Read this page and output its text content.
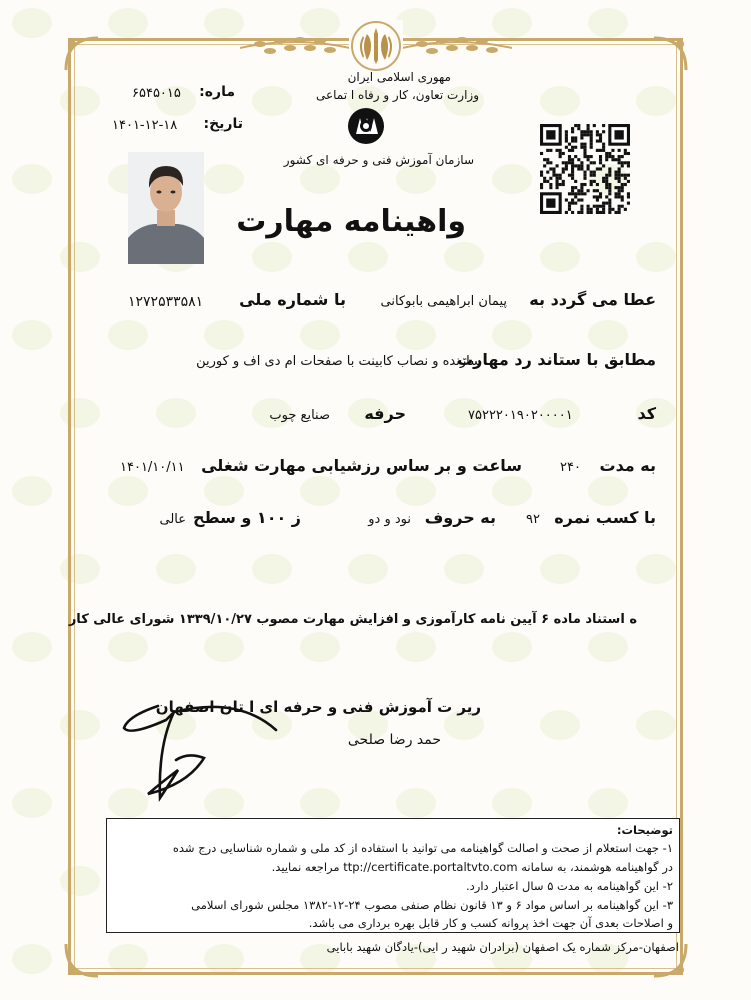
مهوری اسلامی ایران
وزارت تعاون، کار و رفاه ا تماعی
سازمان آموزش فنی و حرفه ای کشور
ماره:
۶۵۴۵۰۱۵
تاریخ:
۱۴۰۱-۱۲-۱۸
واهینامه مهارت
عطا می گردد به
پیمان ابراهیمی بابوکانی
با شماره ملی
۱۲۷۲۵۳۳۵۸۱
مطابق با ستاند رد مهارت
سازنده و نصاب کابینت با صفحات ام دی اف و کورین
کد
۷۵۲۲۲۰۱۹۰۲۰۰۰۰۱
حرفه
صنایع چوب
به مدت
۲۴۰
ساعت و بر ساس رزشیابی مهارت شغلی
۱۴۰۱/۱۰/۱۱
با کسب نمره
۹۲
به حروف
نود و دو
ز ۱۰۰ و سطح
عالی
ه استناد ماده ۶ آیین نامه کارآموزی و افزایش مهارت مصوب ۱۳۳۹/۱۰/۲۷ شورای عالی کار
ریر ت آموزش فنی و حرفه ای ا تان اصفهان
حمد رضا صلحی
توضیحات:
۱- جهت استعلام از صحت و اصالت گواهینامه می توانید با استفاده از کد ملی و شماره شناسایی درج شده
در گواهینامه هوشمند، به سامانه ttp://certificate.portaltvto.com مراجعه نمایید.
۲- این گواهینامه به مدت ۵ سال اعتبار دارد.
۳- این گواهینامه بر اساس مواد ۶ و ۱۳ قانون نظام صنفی مصوب ۲۴-۱۲-۱۳۸۲ مجلس شورای اسلامی
و اصلاحات بعدی آن جهت اخذ پروانه کسب و کار قابل بهره برداری می باشد.
اصفهان-مرکز شماره یک اصفهان (برادران شهید ر ایی)-یادگان شهید بابایی
